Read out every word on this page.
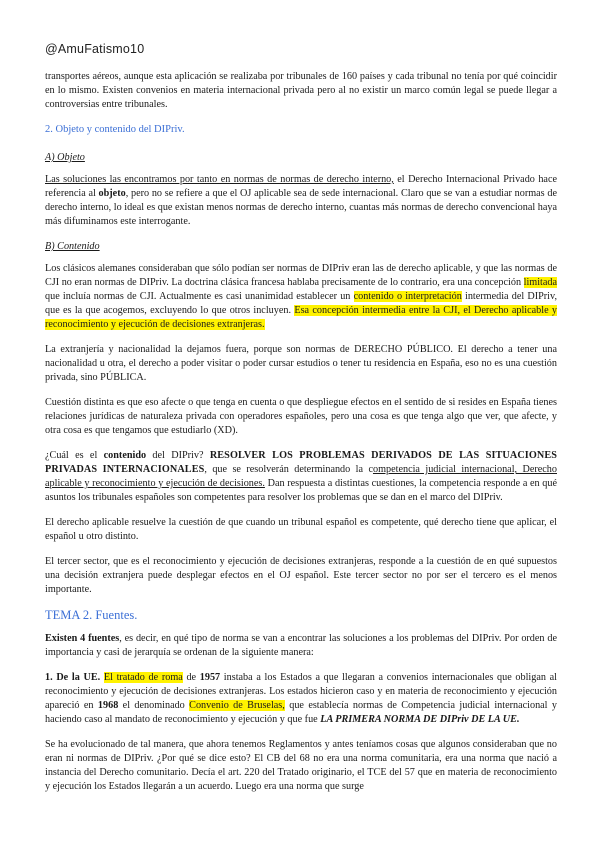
@AmuFatismo10

transportes aéreos, aunque esta aplicación se realizaba por tribunales de 160 países y cada tribunal no tenía por qué coincidir en lo mismo. Existen convenios en materia internacional privada pero al no existir un marco común legal se puede llegar a controversias entre tribunales.

2. Objeto y contenido del DIPriv.
A) Objeto

Las soluciones las encontramos por tanto en normas de normas de derecho interno, el Derecho Internacional Privado hace referencia al objeto, pero no se refiere a que el OJ aplicable sea de sede internacional. Claro que se van a estudiar normas de derecho interno, lo ideal es que existan menos normas de derecho interno, cuantas más normas de derecho convencional haya más difuminamos este interrogante.

B) Contenido

Los clásicos alemanes consideraban que sólo podían ser normas de DIPriv eran las de derecho aplicable, y que las normas de CJI no eran normas de DIPriv. La doctrina clásica francesa hablaba precisamente de lo contrario, era una concepción limitada que incluía normas de CJI. Actualmente es casi unanimidad establecer un contenido o interpretación intermedia del DIPriv, que es la que acogemos, excluyendo lo que otros incluyen. Esa concepción intermedia entre la CJI, el Derecho aplicable y reconocimiento y ejecución de decisiones extranjeras.

La extranjería y nacionalidad la dejamos fuera, porque son normas de DERECHO PÚBLICO. El derecho a tener una nacionalidad u otra, el derecho a poder visitar o poder cursar estudios o tener tu residencia en España, eso no es una cuestión privada, sino PÚBLICA.

Cuestión distinta es que eso afecte o que tenga en cuenta o que despliegue efectos en el sentido de si resides en España tienes relaciones jurídicas de naturaleza privada con operadores españoles, pero una cosa es que tenga algo que ver, que afecte, y otra cosa es que tengamos que estudiarlo (XD).

¿Cuál es el contenido del DIPriv? RESOLVER LOS PROBLEMAS DERIVADOS DE LAS SITUACIONES PRIVADAS INTERNACIONALES, que se resolverán determinando la competencia judicial internacional, Derecho aplicable y reconocimiento y ejecución de decisiones. Dan respuesta a distintas cuestiones, la competencia responde a en qué asuntos los tribunales españoles son competentes para resolver los problemas que se dan en el marco del DIPriv.

El derecho aplicable resuelve la cuestión de que cuando un tribunal español es competente, qué derecho tiene que aplicar, el español u otro distinto.

El tercer sector, que es el reconocimiento y ejecución de decisiones extranjeras, responde a la cuestión de en qué supuestos una decisión extranjera puede desplegar efectos en el OJ español. Este tercer sector no por ser el tercero es el menos importante.

TEMA 2. Fuentes.

Existen 4 fuentes, es decir, en qué tipo de norma se van a encontrar las soluciones a los problemas del DIPriv. Por orden de importancia y casi de jerarquía se ordenan de la siguiente manera:

1. De la UE. El tratado de roma de 1957 instaba a los Estados a que llegaran a convenios internacionales que obligan al reconocimiento y ejecución de decisiones extranjeras. Los estados hicieron caso y en materia de reconocimiento y ejecución apareció en 1968 el denominado Convenio de Bruselas, que establecía normas de Competencia judicial internacional y haciendo caso al mandato de reconocimiento y ejecución y que fue LA PRIMERA NORMA DE DIPriv DE LA UE.

Se ha evolucionado de tal manera, que ahora tenemos Reglamentos y antes teníamos cosas que algunos consideraban que no eran ni normas de DIPriv. ¿Por qué se dice esto? El CB del 68 no era una norma comunitaria, era una norma que nació a instancia del Derecho comunitario. Decía el art. 220 del Tratado originario, el TCE del 57 que en materia de reconocimiento y ejecución los Estados llegarán a un acuerdo. Luego era una norma que surge
